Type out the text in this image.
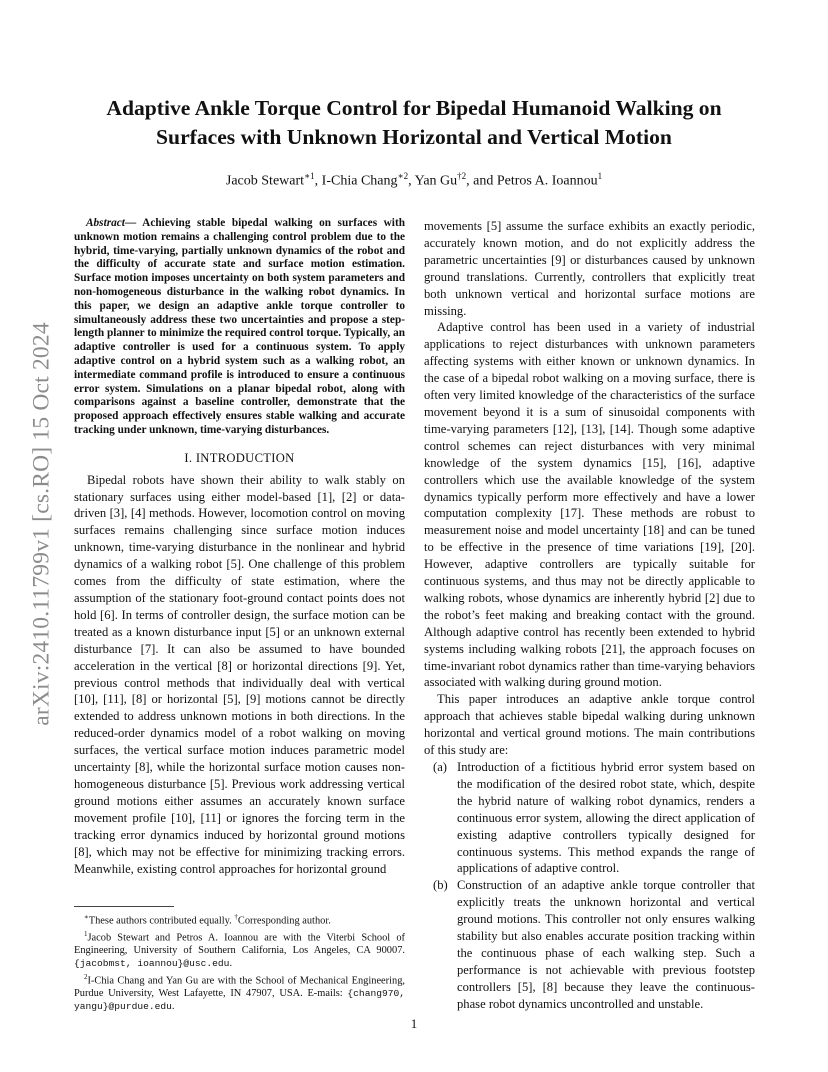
arXiv:2410.11799v1 [cs.RO] 15 Oct 2024
Adaptive Ankle Torque Control for Bipedal Humanoid Walking on
Surfaces with Unknown Horizontal and Vertical Motion

Jacob Stewart$^{∗1}$, I-Chia Chang$^{∗2}$, Yan Gu$^{\dagger 2}$, and Petros A. Ioannou$^1$

Abstract— Achieving stable bipedal walking on surfaces with unknown motion remains a challenging control problem due to the hybrid, time-varying, partially unknown dynamics of the robot and the difficulty of accurate state and surface motion estimation. Surface motion imposes uncertainty on both system parameters and non-homogeneous disturbance in the walking robot dynamics. In this paper, we design an adaptive ankle torque controller to simultaneously address these two uncertainties and propose a step-length planner to minimize the required control torque. Typically, an adaptive controller is used for a continuous system. To apply adaptive control on a hybrid system such as a walking robot, an intermediate command profile is introduced to ensure a continuous error system. Simulations on a planar bipedal robot, along with comparisons against a baseline controller, demonstrate that the proposed approach effectively ensures stable walking and accurate tracking under unknown, time-varying disturbances.

I. INTRODUCTION

Bipedal robots have shown their ability to walk stably on stationary surfaces using either model-based [1], [2] or data-driven [3], [4] methods. However, locomotion control on moving surfaces remains challenging since surface motion induces unknown, time-varying disturbance in the nonlinear and hybrid dynamics of a walking robot [5]. One challenge of this problem comes from the difficulty of state estimation, where the assumption of the stationary foot-ground contact points does not hold [6]. In terms of controller design, the surface motion can be treated as a known disturbance input [5] or an unknown external disturbance [7]. It can also be assumed to have bounded acceleration in the vertical [8] or horizontal directions [9]. Yet, previous control methods that individually deal with vertical [10], [11], [8] or horizontal [5], [9] motions cannot be directly extended to address unknown motions in both directions. In the reduced-order dynamics model of a robot walking on moving surfaces, the vertical surface motion induces parametric model uncertainty [8], while the horizontal surface motion causes non-homogeneous disturbance [5]. Previous work addressing vertical ground motions either assumes an accurately known surface movement profile [10], [11] or ignores the forcing term in the tracking error dynamics induced by horizontal ground motions [8], which may not be effective for minimizing tracking errors. Meanwhile, existing control approaches for horizontal ground

movements [5] assume the surface exhibits an exactly periodic, accurately known motion, and do not explicitly address the parametric uncertainties [9] or disturbances caused by unknown ground translations. Currently, controllers that explicitly treat both unknown vertical and horizontal surface motions are missing.

Adaptive control has been used in a variety of industrial applications to reject disturbances with unknown parameters affecting systems with either known or unknown dynamics. In the case of a bipedal robot walking on a moving surface, there is often very limited knowledge of the characteristics of the surface movement beyond it is a sum of sinusoidal components with time-varying parameters [12], [13], [14]. Though some adaptive control schemes can reject disturbances with very minimal knowledge of the system dynamics [15], [16], adaptive controllers which use the available knowledge of the system dynamics typically perform more effectively and have a lower computation complexity [17]. These methods are robust to measurement noise and model uncertainty [18] and can be tuned to be effective in the presence of time variations [19], [20]. However, adaptive controllers are typically suitable for continuous systems, and thus may not be directly applicable to walking robots, whose dynamics are inherently hybrid [2] due to the robot’s feet making and breaking contact with the ground. Although adaptive control has recently been extended to hybrid systems including walking robots [21], the approach focuses on time-invariant robot dynamics rather than time-varying behaviors associated with walking during ground motion.

This paper introduces an adaptive ankle torque control approach that achieves stable bipedal walking during unknown horizontal and vertical ground motions. The main contributions of this study are:

(a) Introduction of a fictitious hybrid error system based on the modification of the desired robot state, which, despite the hybrid nature of walking robot dynamics, renders a continuous error system, allowing the direct application of existing adaptive controllers typically designed for continuous systems. This method expands the range of applications of adaptive control.
(b) Construction of an adaptive ankle torque controller that explicitly treats the unknown horizontal and vertical ground motions. This controller not only ensures walking stability but also enables accurate position tracking within the continuous phase of each walking step. Such a performance is not achievable with previous footstep controllers [5], [8] because they leave the continuous-phase robot dynamics uncontrolled and unstable.

∗These authors contributed equally. †Corresponding author.

$^1$Jacob Stewart and Petros A. Ioannou are with the Viterbi School of Engineering, University of Southern California, Los Angeles, CA 90007. {jacobmst, ioannou}@usc.edu.

$^2$I-Chia Chang and Yan Gu are with the School of Mechanical Engineering, Purdue University, West Lafayette, IN 47907, USA. E-mails: {chang970, yangu}@purdue.edu.

1
